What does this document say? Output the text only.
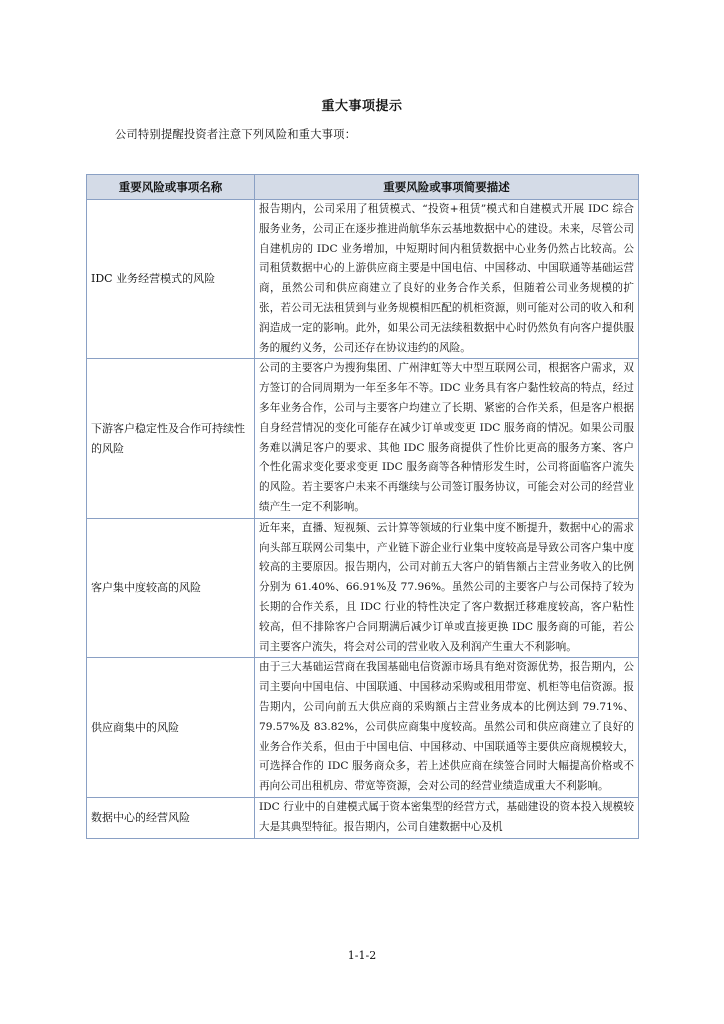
重大事项提示
公司特别提醒投资者注意下列风险和重大事项：
重要风险或事项名称	重要风险或事项简要描述
IDC 业务经营模式的风险	报告期内，公司采用了租赁模式、“投资+租赁”模式和自建模式开展 IDC 综合服务业务，公司正在逐步推进尚航华东云基地数据中心的建设。未来，尽管公司自建机房的 IDC 业务增加，中短期时间内租赁数据中心业务仍然占比较高。公司租赁数据中心的上游供应商主要是中国电信、中国移动、中国联通等基础运营商，虽然公司和供应商建立了良好的业务合作关系，但随着公司业务规模的扩张，若公司无法租赁到与业务规模相匹配的机柜资源，则可能对公司的收入和利润造成一定的影响。此外，如果公司无法续租数据中心时仍然负有向客户提供服务的履约义务，公司还存在协议违约的风险。
下游客户稳定性及合作可持续性的风险	公司的主要客户为搜狗集团、广州津虹等大中型互联网公司，根据客户需求，双方签订的合同周期为一年至多年不等。IDC 业务具有客户黏性较高的特点，经过多年业务合作，公司与主要客户均建立了长期、紧密的合作关系，但是客户根据自身经营情况的变化可能存在减少订单或变更 IDC 服务商的情况。如果公司服务难以满足客户的要求、其他 IDC 服务商提供了性价比更高的服务方案、客户个性化需求变化要求变更 IDC 服务商等各种情形发生时，公司将面临客户流失的风险。若主要客户未来不再继续与公司签订服务协议，可能会对公司的经营业绩产生一定不利影响。
客户集中度较高的风险	近年来，直播、短视频、云计算等领域的行业集中度不断提升，数据中心的需求向头部互联网公司集中，产业链下游企业行业集中度较高是导致公司客户集中度较高的主要原因。报告期内，公司对前五大客户的销售额占主营业务收入的比例分别为 61.40%、66.91%及 77.96%。虽然公司的主要客户与公司保持了较为长期的合作关系，且 IDC 行业的特性决定了客户数据迁移难度较高，客户粘性较高，但不排除客户合同期满后减少订单或直接更换 IDC 服务商的可能，若公司主要客户流失，将会对公司的营业收入及利润产生重大不利影响。
供应商集中的风险	由于三大基础运营商在我国基础电信资源市场具有绝对资源优势，报告期内，公司主要向中国电信、中国联通、中国移动采购或租用带宽、机柜等电信资源。报告期内，公司向前五大供应商的采购额占主营业务成本的比例达到 79.71%、79.57%及 83.82%，公司供应商集中度较高。虽然公司和供应商建立了良好的业务合作关系，但由于中国电信、中国移动、中国联通等主要供应商规模较大，可选择合作的 IDC 服务商众多，若上述供应商在续签合同时大幅提高价格或不再向公司出租机房、带宽等资源，会对公司的经营业绩造成重大不利影响。
数据中心的经营风险	IDC 行业中的自建模式属于资本密集型的经营方式，基础建设的资本投入规模较大是其典型特征。报告期内，公司自建数据中心及机
1-1-2
